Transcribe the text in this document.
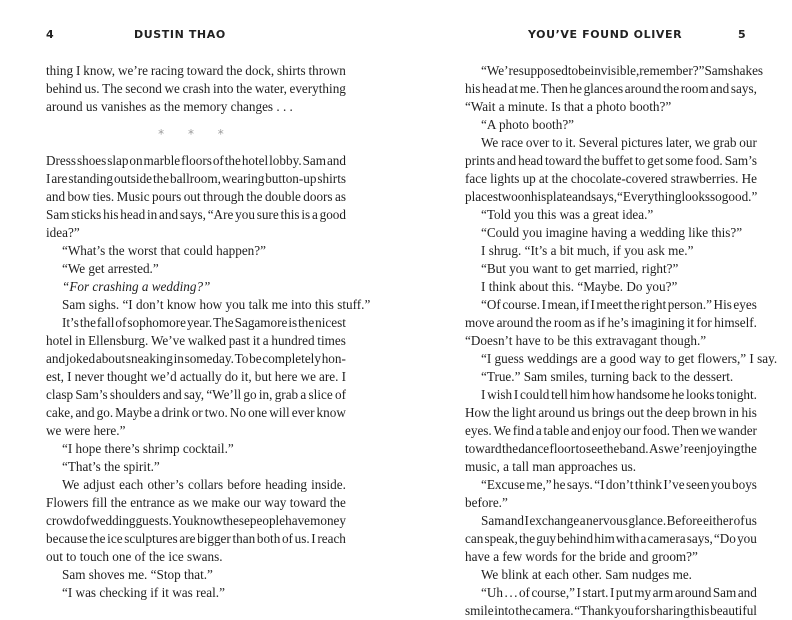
4	DUSTIN THAO
thing I know, we’re racing toward the dock, shirts thrown
behind us. The second we crash into the water, everything
around us vanishes as the memory changes . . .
* * *
Dress shoes slap on marble floors of the hotel lobby. Sam and
I are standing outside the ballroom, wearing button-up shirts
and bow ties. Music pours out through the double doors as
Sam sticks his head in and says, “Are you sure this is a good
idea?”
“What’s the worst that could happen?”
“We get arrested.”
“For crashing a wedding?”
Sam sighs. “I don’t know how you talk me into this stuff.”
It’s the fall of sophomore year. The Sagamore is the nicest
hotel in Ellensburg. We’ve walked past it a hundred times
and joked about sneaking in someday. To be completely hon-
est, I never thought we’d actually do it, but here we are. I
clasp Sam’s shoulders and say, “We’ll go in, grab a slice of
cake, and go. Maybe a drink or two. No one will ever know
we were here.”
“I hope there’s shrimp cocktail.”
“That’s the spirit.”
We adjust each other’s collars before heading inside.
Flowers fill the entrance as we make our way toward the
crowd of wedding guests. You know these people have money
because the ice sculptures are bigger than both of us. I reach
out to touch one of the ice swans.
Sam shoves me. “Stop that.”
“I was checking if it was real.”
YOU’VE FOUND OLIVER	5
“We’re supposed to be invisible, remember?” Sam shakes
his head at me. Then he glances around the room and says,
“Wait a minute. Is that a photo booth?”
“A photo booth?”
We race over to it. Several pictures later, we grab our
prints and head toward the buffet to get some food. Sam’s
face lights up at the chocolate-covered strawberries. He
places two on his plate and says, “Everything looks so good.”
“Told you this was a great idea.”
“Could you imagine having a wedding like this?”
I shrug. “It’s a bit much, if you ask me.”
“But you want to get married, right?”
I think about this. “Maybe. Do you?”
“Of course. I mean, if I meet the right person.” His eyes
move around the room as if he’s imagining it for himself.
“Doesn’t have to be this extravagant though.”
“I guess weddings are a good way to get flowers,” I say.
“True.” Sam smiles, turning back to the dessert.
I wish I could tell him how handsome he looks tonight.
How the light around us brings out the deep brown in his
eyes. We find a table and enjoy our food. Then we wander
toward the dance floor to see the band. As we’re enjoying the
music, a tall man approaches us.
“Excuse me,” he says. “I don’t think I’ve seen you boys
before.”
Sam and I exchange a nervous glance. Before either of us
can speak, the guy behind him with a camera says, “Do you
have a few words for the bride and groom?”
We blink at each other. Sam nudges me.
“Uh . . . of course,” I start. I put my arm around Sam and
smile into the camera. “Thank you for sharing this beautiful
